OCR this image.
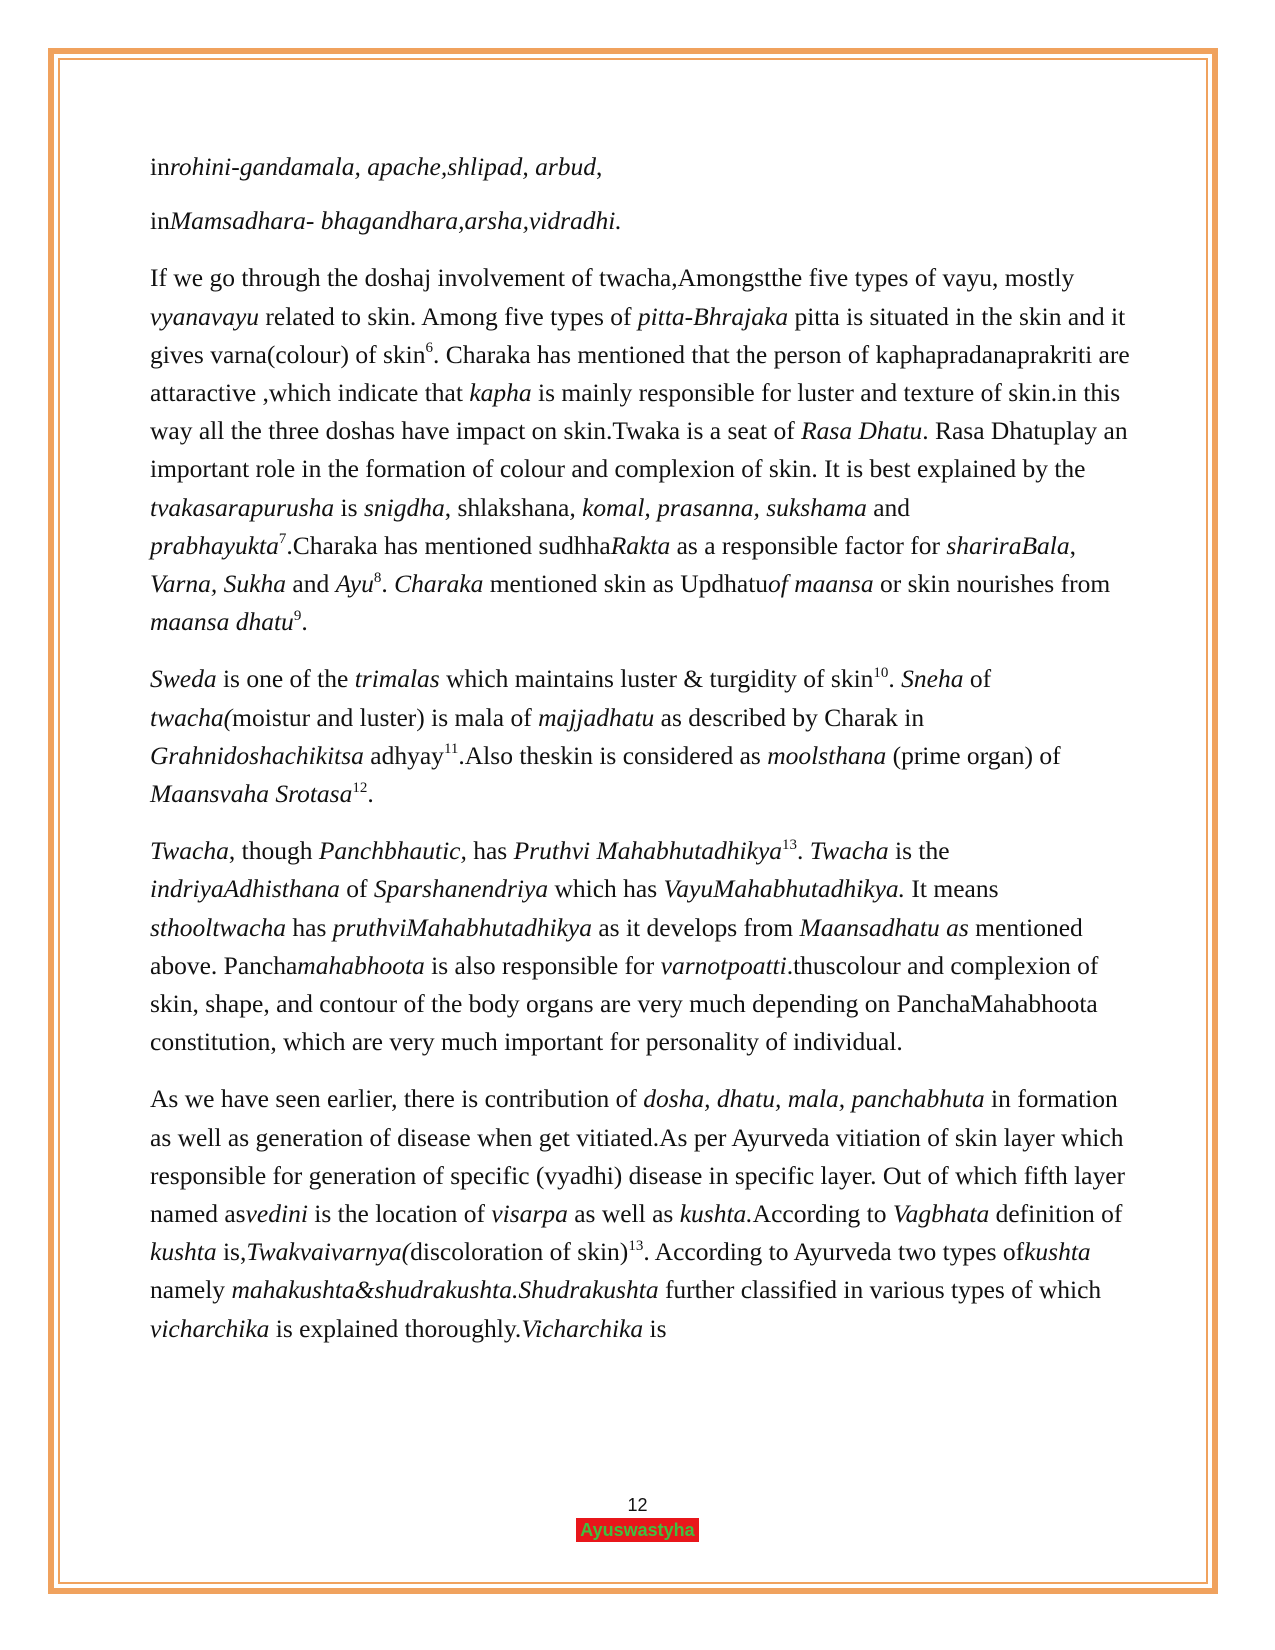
inrohini-gandamala, apache,shlipad, arbud,

inMamsadhara- bhagandhara,arsha,vidradhi.

If we go through the doshaj involvement of twacha,Amongstthe five types of vayu, mostly vyanavayu related to skin. Among five types of pitta-Bhrajaka pitta is situated in the skin and it gives varna(colour) of skin$^6$. Charaka has mentioned that the person of kaphapradanaprakriti are attaractive ,which indicate that kapha is mainly responsible for luster and texture of skin.in this way all the three doshas have impact on skin.Twaka is a seat of Rasa Dhatu. Rasa Dhatuplay an important role in the formation of colour and complexion of skin. It is best explained by the tvakasarapurusha is snigdha, shlakshana, komal, prasanna, sukshama and prabhayukta$^7$.Charaka has mentioned sudhhaRakta as a responsible factor for shariraBala, Varna, Sukha and Ayu$^8$. Charaka mentioned skin as Updhatuof maansa or skin nourishes from maansa dhatu$^9$.

Sweda is one of the trimalas which maintains luster & turgidity of skin$^{10}$. Sneha of twacha(moistur and luster) is mala of majjadhatu as described by Charak in Grahnidoshachikitsa adhyay$^{11}$.Also theskin is considered as moolsthana (prime organ) of Maansvaha Srotasa$^{12}$.

Twacha, though Panchbhautic, has Pruthvi Mahabhutadhikya$^{13}$. Twacha is the indriyaAdhisthana of Sparshanendriya which has VayuMahabhutadhikya. It means sthooltwacha has pruthviMahabhutadhikya as it develops from Maansadhatu as mentioned above. Panchamahabhoota is also responsible for varnotpoatti.thuscolour and complexion of skin, shape, and contour of the body organs are very much depending on PanchaMahabhoota constitution, which are very much important for personality of individual.

As we have seen earlier, there is contribution of dosha, dhatu, mala, panchabhuta in formation as well as generation of disease when get vitiated.As per Ayurveda vitiation of skin layer which responsible for generation of specific (vyadhi) disease in specific layer. Out of which fifth layer named asvedini is the location of visarpa as well as kushta.According to Vagbhata definition of kushta is,Twakvaivarnya(discoloration of skin)$^{13}$. According to Ayurveda two types ofkushta namely mahakushta&shudrakushta.Shudrakushta further classified in various types of which vicharchika is explained thoroughly.Vicharchika is

12
Ayuswastyha
